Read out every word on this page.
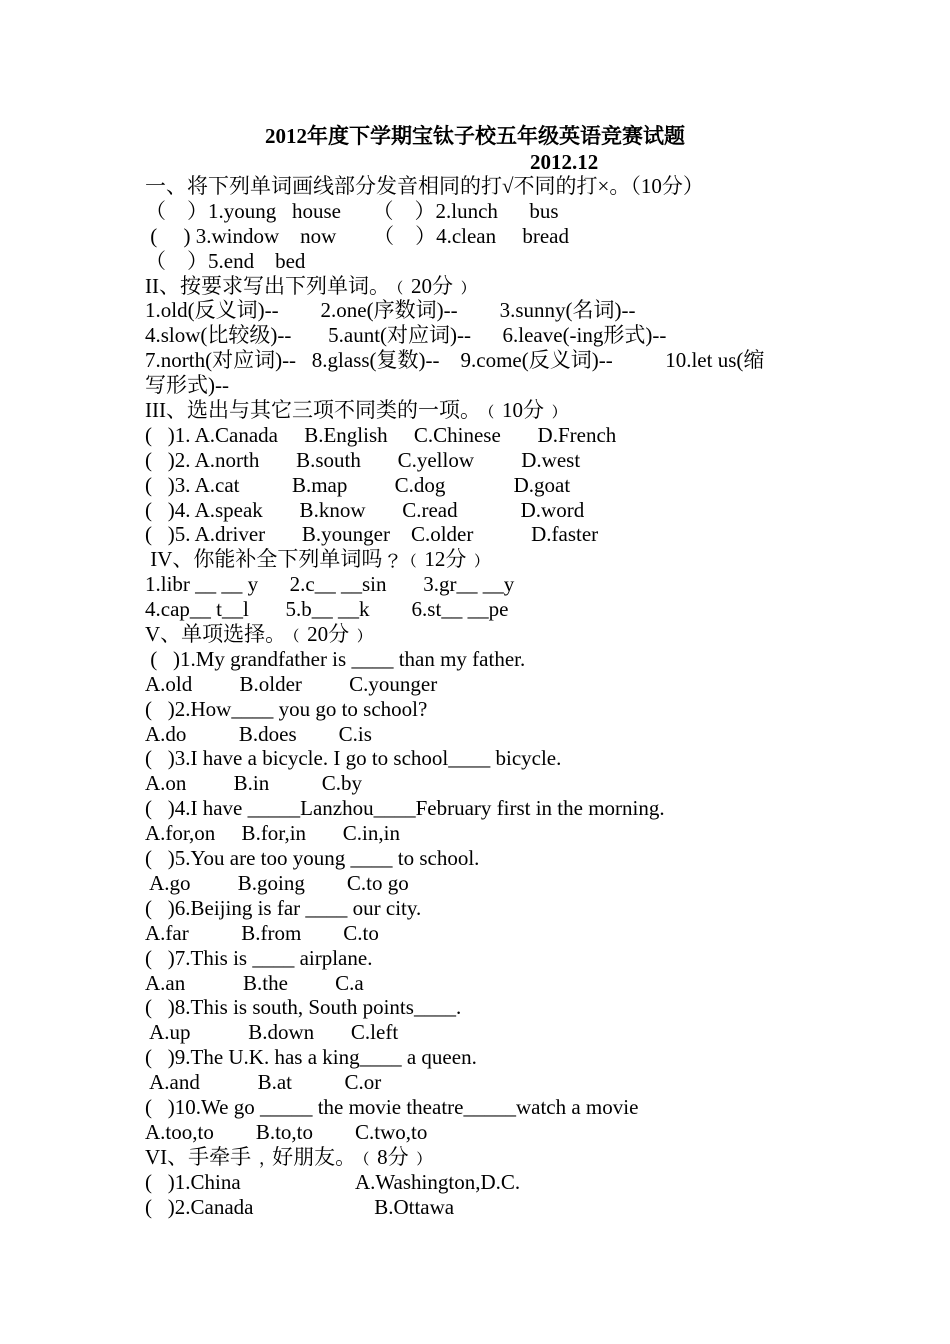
2012年度下学期宝钛子校五年级英语竞赛试题
2012.12
一、将下列单词画线部分发音相同的打√不同的打×。（10分）
（    ）1.young   house      （    ）2.lunch      bus
(     ) 3.window    now       （    ）4.clean     bread
（    ）5.end    bed
II、按要求写出下列单词。﹙20分﹚
1.old(反义词)--        2.one(序数词)--        3.sunny(名词)--
4.slow(比较级)--       5.aunt(对应词)--      6.leave(-ing形式)--
7.north(对应词)--   8.glass(复数)--    9.come(反义词)--          10.let us(缩
写形式)--
III、选出与其它三项不同类的一项。﹙10分﹚
(   )1. A.Canada     B.English     C.Chinese       D.French
(   )2. A.north       B.south       C.yellow         D.west
(   )3. A.cat          B.map         C.dog             D.goat
(   )4. A.speak       B.know       C.read            D.word
(   )5. A.driver       B.younger    C.older           D.faster
IV、你能补全下列单词吗﹖﹙12分﹚
1.libr __ __ y      2.c__ __sin       3.gr__ __y
4.cap__ t__l       5.b__ __k        6.st__ __pe
V、单项选择。﹙20分﹚
(   )1.My grandfather is ____ than my father.
A.old         B.older         C.younger
(   )2.How____ you go to school?
A.do          B.does        C.is
(   )3.I have a bicycle. I go to school____ bicycle.
A.on         B.in          C.by
(   )4.I have _____Lanzhou____February first in the morning.
A.for,on     B.for,in       C.in,in
(   )5.You are too young ____ to school.
A.go         B.going        C.to go
(   )6.Beijing is far ____ our city.
A.far          B.from        C.to
(   )7.This is ____ airplane.
A.an           B.the         C.a
(   )8.This is south, South points____.
A.up           B.down       C.left
(   )9.The U.K. has a king____ a queen.
A.and           B.at          C.or
(   )10.We go _____ the movie theatre_____watch a movie
A.too,to        B.to,to        C.two,to
VI、手牵手﹐好朋友。﹙8分﹚
(   )1.China                      A.Washington,D.C.
(   )2.Canada                       B.Ottawa
